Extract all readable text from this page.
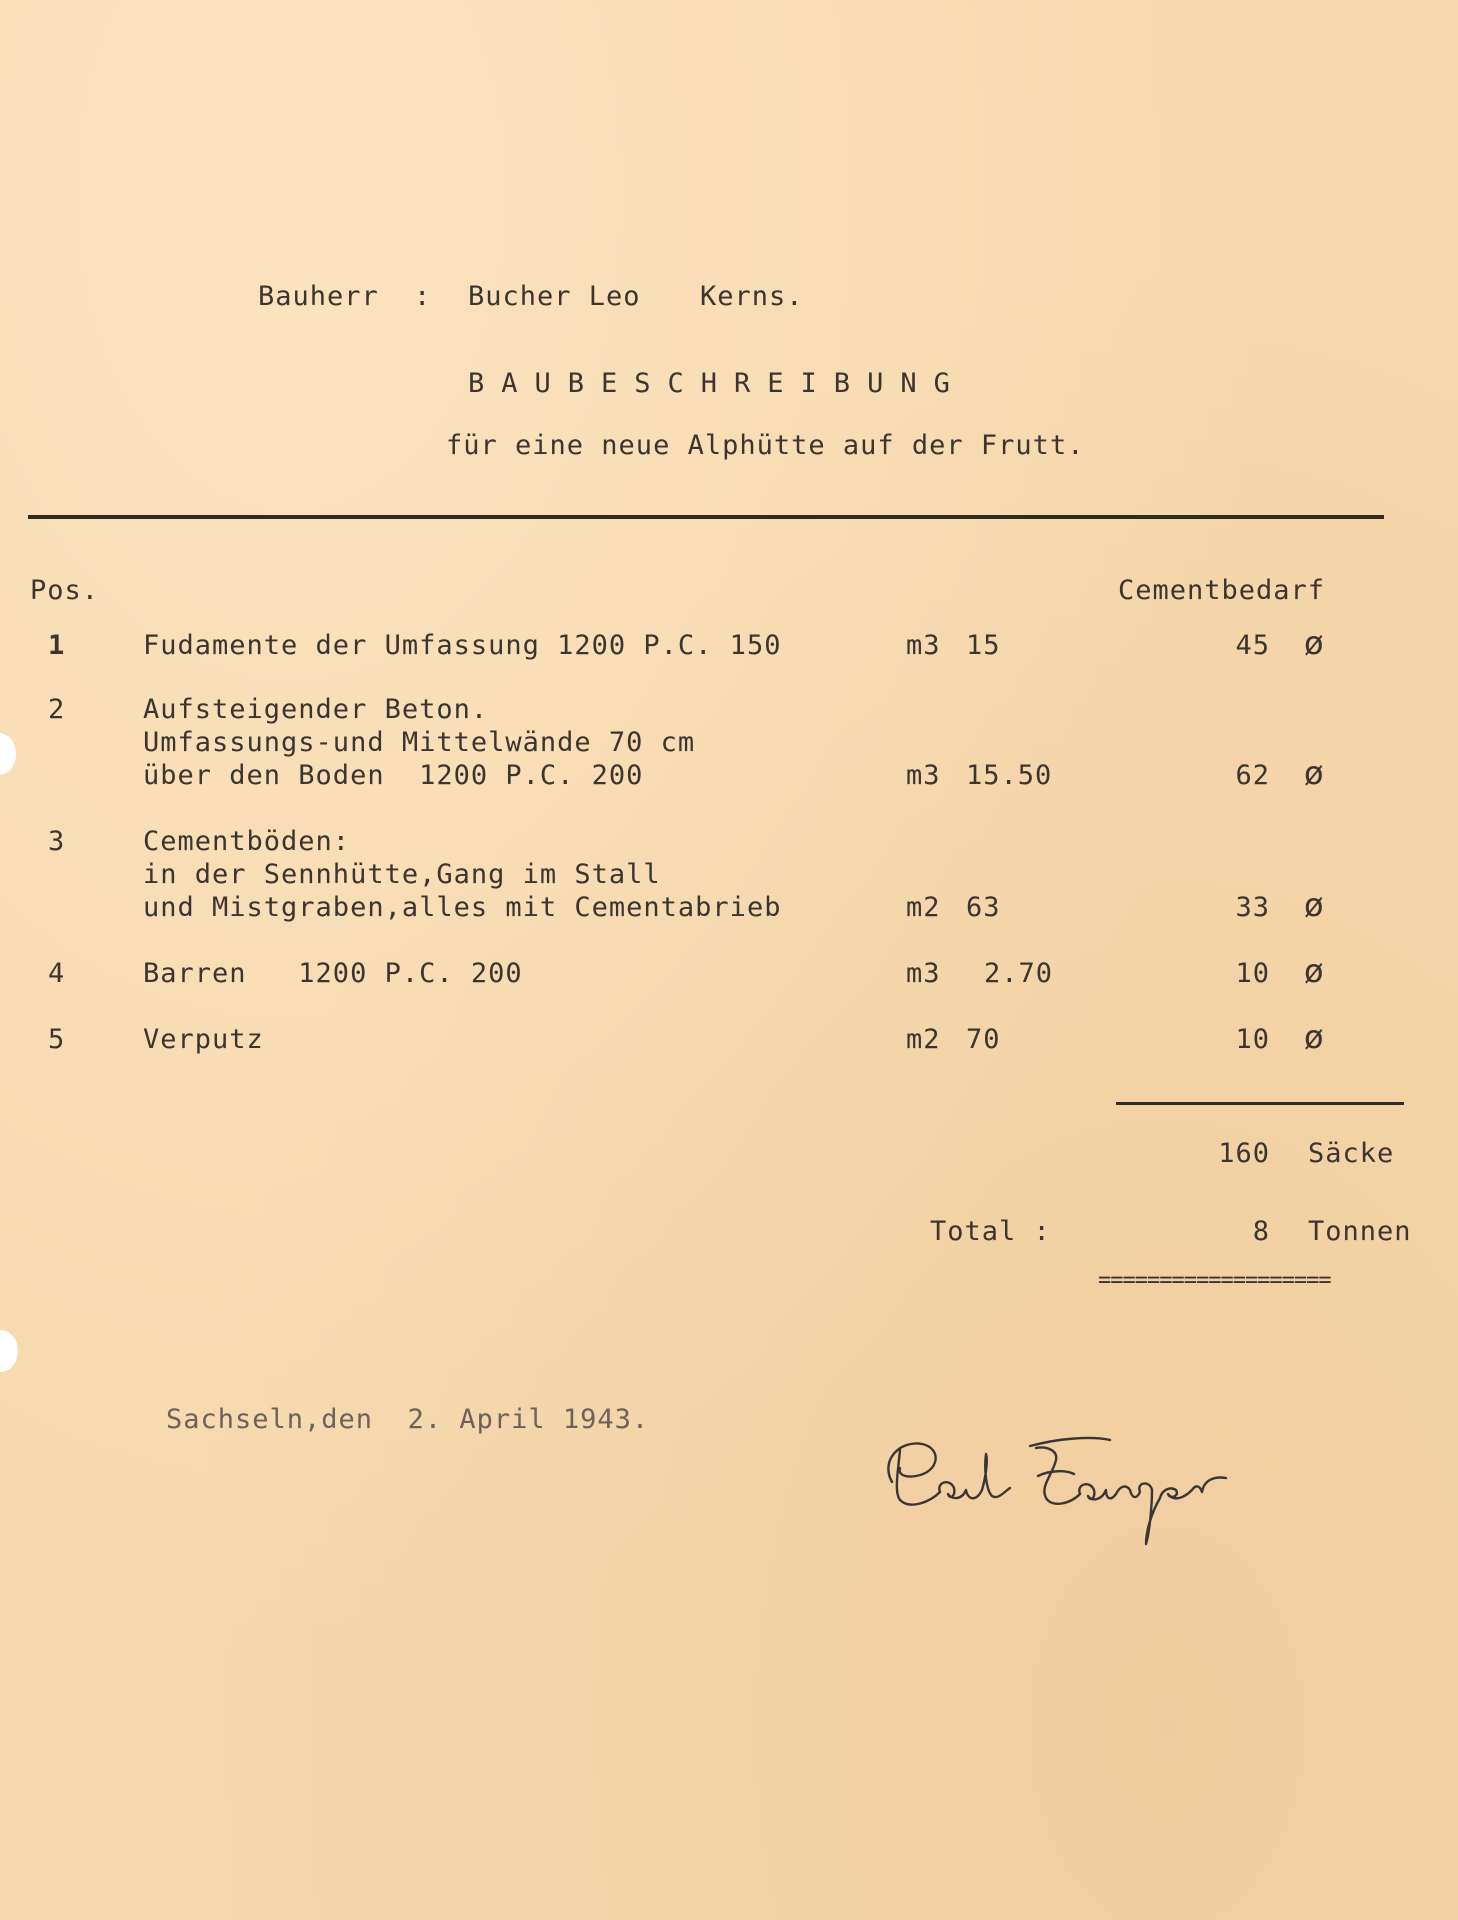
Bauherr : Bucher Leo Kerns.
BAUBESCHREIBUNG
für eine neue Alphütte auf der Frutt.
Pos.	Cementbedarf
1	Fudamente der Umfassung 1200 P.C. 150	m3 15	45 ø
2	Aufsteigender Beton.
Umfassungs-und Mittelwände 70 cm
über den Boden  1200 P.C. 200	m3 15.50	62 ø
3	Cementböden:
in der Sennhütte,Gang im Stall
und Mistgraben,alles mit Cementabrieb	m2 63	33 ø
4	Barren   1200 P.C. 200	m3 2.70	10 ø
5	Verputz	m2 70	10 ø
160 Säcke
Total :	8 Tonnen
===================
Sachseln,den  2. April 1943.
